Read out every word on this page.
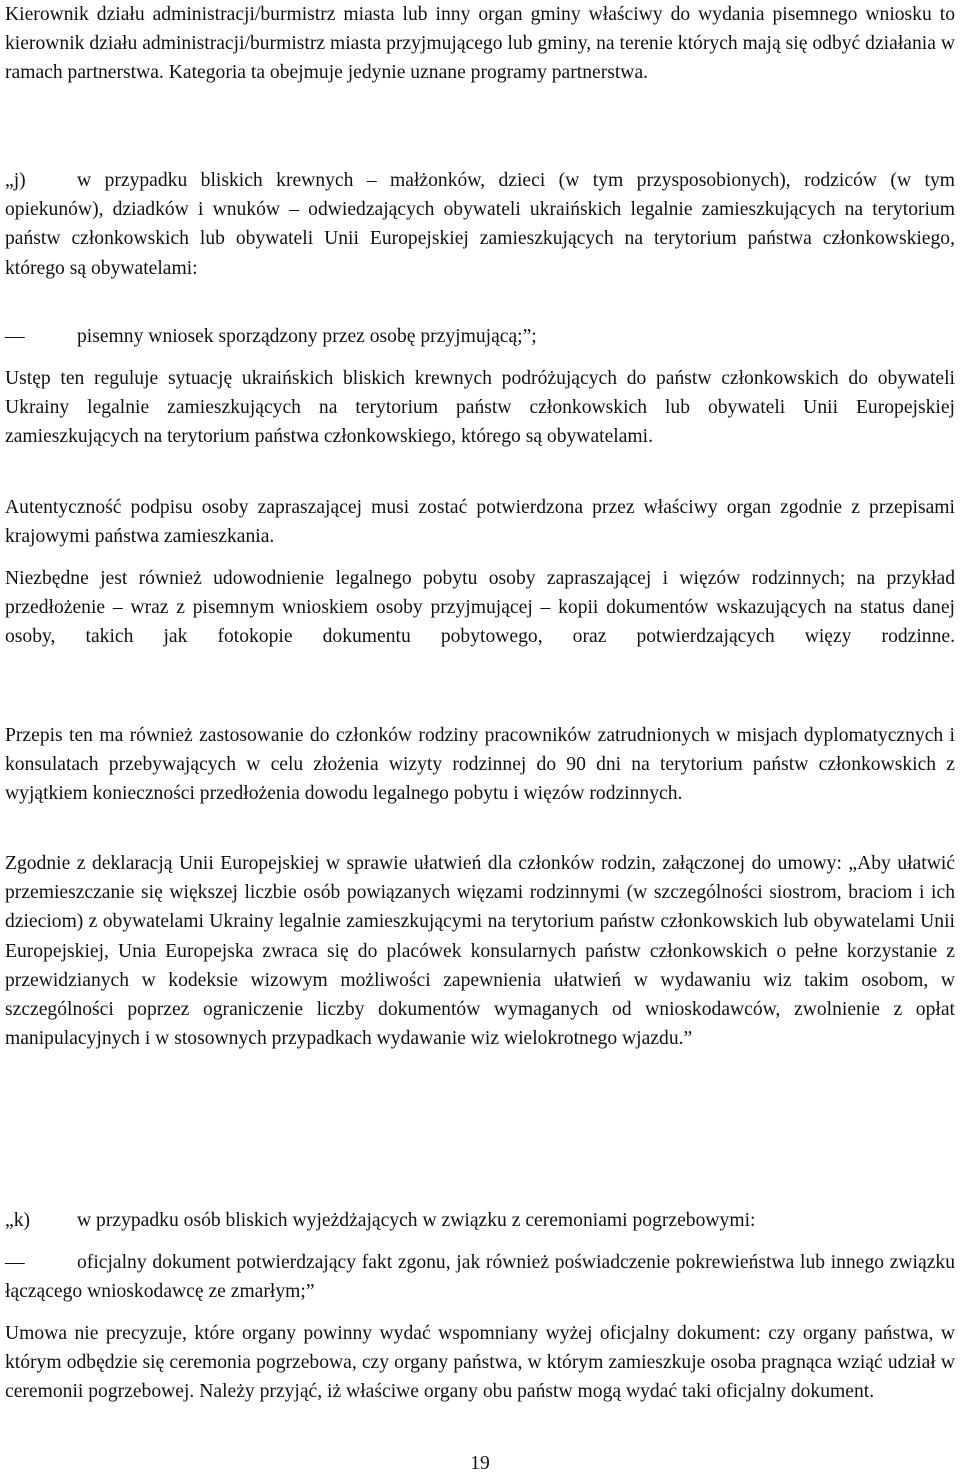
Kierownik działu administracji/burmistrz miasta lub inny organ gminy właściwy do wydania pisemnego wniosku to kierownik działu administracji/burmistrz miasta przyjmującego lub gminy, na terenie których mają się odbyć działania w ramach partnerstwa. Kategoria ta obejmuje jedynie uznane programy partnerstwa.

„j)	w przypadku bliskich krewnych – małżonków, dzieci (w tym przysposobionych), rodziców (w tym opiekunów), dziadków i wnuków – odwiedzających obywateli ukraińskich legalnie zamieszkujących na terytorium państw członkowskich lub obywateli Unii Europejskiej zamieszkujących na terytorium państwa członkowskiego, którego są obywatelami:

—	pisemny wniosek sporządzony przez osobę przyjmującą;”;

Ustęp ten reguluje sytuację ukraińskich bliskich krewnych podróżujących do państw członkowskich do obywateli Ukrainy legalnie zamieszkujących na terytorium państw członkowskich lub obywateli Unii Europejskiej zamieszkujących na terytorium państwa członkowskiego, którego są obywatelami.

Autentyczność podpisu osoby zapraszającej musi zostać potwierdzona przez właściwy organ zgodnie z przepisami krajowymi państwa zamieszkania.

Niezbędne jest również udowodnienie legalnego pobytu osoby zapraszającej i więzów rodzinnych; na przykład przedłożenie – wraz z pisemnym wnioskiem osoby przyjmującej – kopii dokumentów wskazujących na status danej osoby, takich jak fotokopie dokumentu pobytowego, oraz potwierdzających więzy rodzinne.

Przepis ten ma również zastosowanie do członków rodziny pracowników zatrudnionych w misjach dyplomatycznych i konsulatach przebywających w celu złożenia wizyty rodzinnej do 90 dni na terytorium państw członkowskich z wyjątkiem konieczności przedłożenia dowodu legalnego pobytu i więzów rodzinnych.

Zgodnie z deklaracją Unii Europejskiej w sprawie ułatwień dla członków rodzin, załączonej do umowy: „Aby ułatwić przemieszczanie się większej liczbie osób powiązanych więzami rodzinnymi (w szczególności siostrom, braciom i ich dzieciom) z obywatelami Ukrainy legalnie zamieszkującymi na terytorium państw członkowskich lub obywatelami Unii Europejskiej, Unia Europejska zwraca się do placówek konsularnych państw członkowskich o pełne korzystanie z przewidzianych w kodeksie wizowym możliwości zapewnienia ułatwień w wydawaniu wiz takim osobom, w szczególności poprzez ograniczenie liczby dokumentów wymaganych od wnioskodawców, zwolnienie z opłat manipulacyjnych i w stosownych przypadkach wydawanie wiz wielokrotnego wjazdu.”

„k)	w przypadku osób bliskich wyjeżdżających w związku z ceremoniami pogrzebowymi:

—	oficjalny dokument potwierdzający fakt zgonu, jak również poświadczenie pokrewieństwa lub innego związku łączącego wnioskodawcę ze zmarłym;”

Umowa nie precyzuje, które organy powinny wydać wspomniany wyżej oficjalny dokument: czy organy państwa, w którym odbędzie się ceremonia pogrzebowa, czy organy państwa, w którym zamieszkuje osoba pragnąca wziąć udział w ceremonii pogrzebowej. Należy przyjąć, iż właściwe organy obu państw mogą wydać taki oficjalny dokument.

19
